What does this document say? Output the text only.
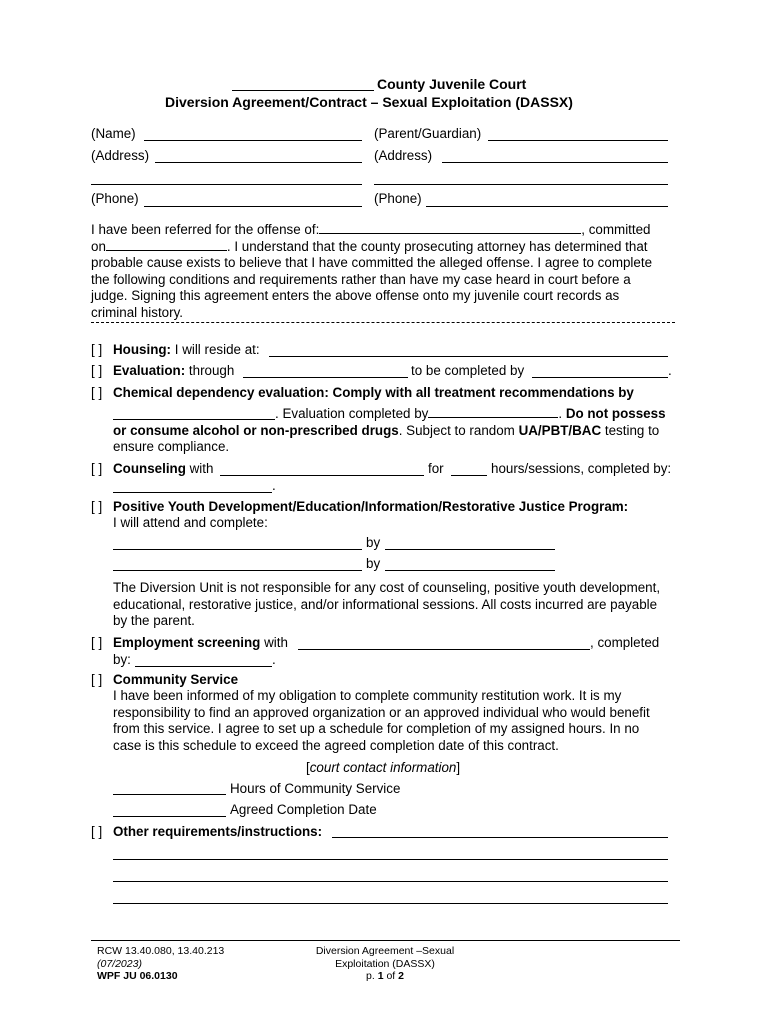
County Juvenile Court
Diversion Agreement/Contract – Sexual Exploitation (DASSX)
(Name)	(Parent/Guardian)
(Address)	(Address)
(Phone)	(Phone)
I have been referred for the offense of:	, committed
on	. I understand that the county prosecuting attorney has determined that
probable cause exists to believe that I have committed the alleged offense. I agree to complete
the following conditions and requirements rather than have my case heard in court before a
judge. Signing this agreement enters the above offense onto my juvenile court records as
criminal history.
[ ] Housing: I will reside at:
[ ] Evaluation: through	to be completed by	.
[ ] Chemical dependency evaluation: Comply with all treatment recommendations by
. Evaluation completed by	. Do not possess
or consume alcohol or non-prescribed drugs. Subject to random UA/PBT/BAC testing to
ensure compliance.
[ ] Counseling with	for	hours/sessions, completed by:
.
[ ] Positive Youth Development/Education/Information/Restorative Justice Program:
I will attend and complete:
by
by
The Diversion Unit is not responsible for any cost of counseling, positive youth development,
educational, restorative justice, and/or informational sessions. All costs incurred are payable
by the parent.
[ ] Employment screening with	, completed
by:	.
[ ] Community Service
I have been informed of my obligation to complete community restitution work. It is my
responsibility to find an approved organization or an approved individual who would benefit
from this service. I agree to set up a schedule for completion of my assigned hours. In no
case is this schedule to exceed the agreed completion date of this contract.
[court contact information]
Hours of Community Service
Agreed Completion Date
[ ] Other requirements/instructions:
RCW 13.40.080, 13.40.213
(07/2023)
WPF JU 06.0130
Diversion Agreement –Sexual
Exploitation (DASSX)
p. 1 of 2
